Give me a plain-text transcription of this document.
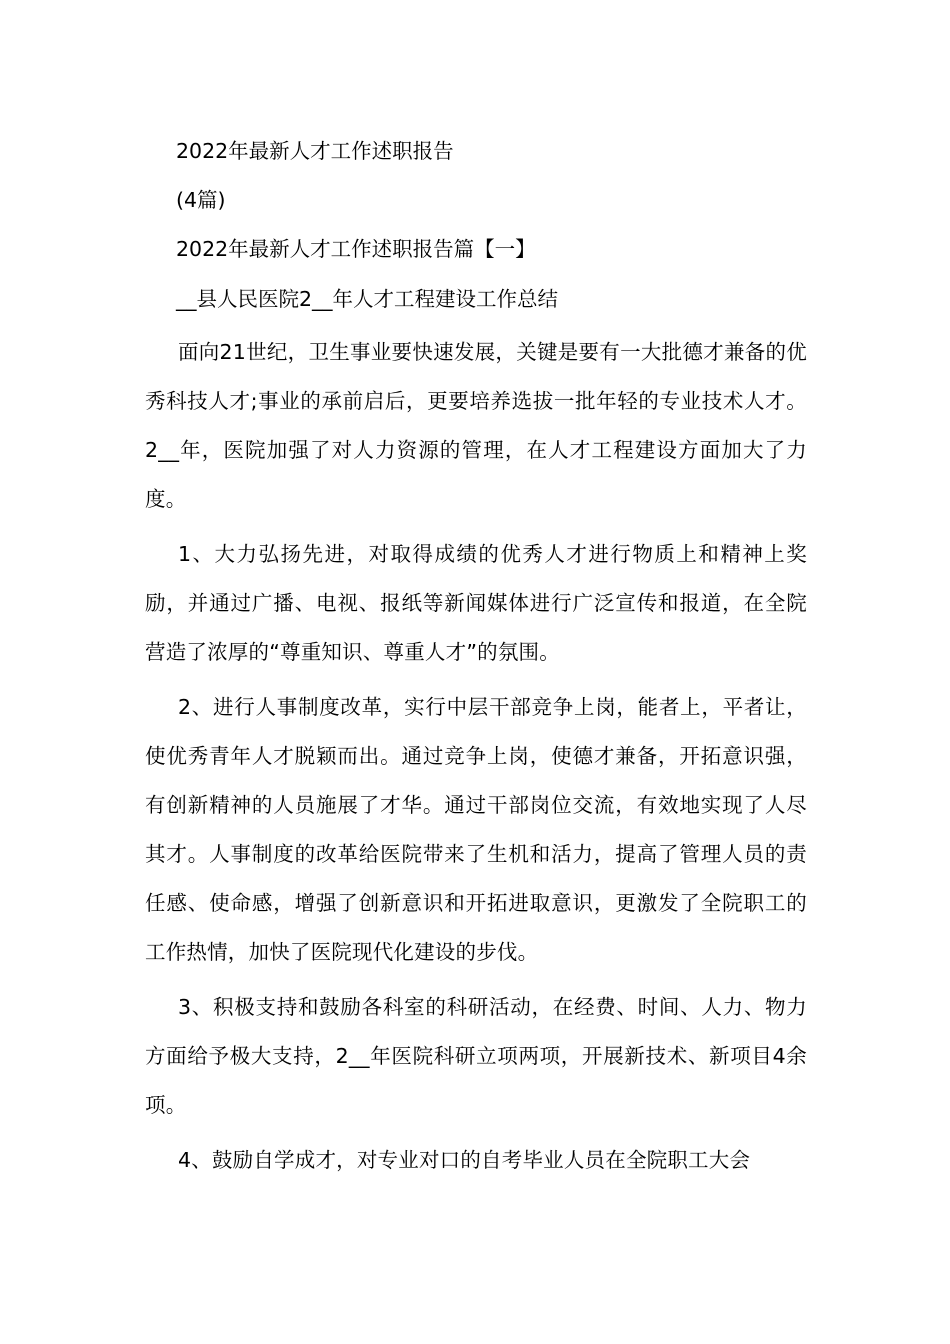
2022年最新人才工作述职报告
(4篇)
2022年最新人才工作述职报告篇【一】
__县人民医院2__年人才工程建设工作总结

面向21世纪，卫生事业要快速发展，关键是要有一大批德才兼备的优秀科技人才;事业的承前启后，更要培养选拔一批年轻的专业技术人才。2__年，医院加强了对人力资源的管理，在人才工程建设方面加大了力度。

1、大力弘扬先进，对取得成绩的优秀人才进行物质上和精神上奖励，并通过广播、电视、报纸等新闻媒体进行广泛宣传和报道，在全院营造了浓厚的“尊重知识、尊重人才”的氛围。

2、进行人事制度改革，实行中层干部竞争上岗，能者上，平者让，使优秀青年人才脱颖而出。通过竞争上岗，使德才兼备，开拓意识强，有创新精神的人员施展了才华。通过干部岗位交流，有效地实现了人尽其才。人事制度的改革给医院带来了生机和活力，提高了管理人员的责任感、使命感，增强了创新意识和开拓进取意识，更激发了全院职工的工作热情，加快了医院现代化建设的步伐。

3、积极支持和鼓励各科室的科研活动，在经费、时间、人力、物力方面给予极大支持，2__年医院科研立项两项，开展新技术、新项目4余项。

4、鼓励自学成才，对专业对口的自考毕业人员在全院职工大会
